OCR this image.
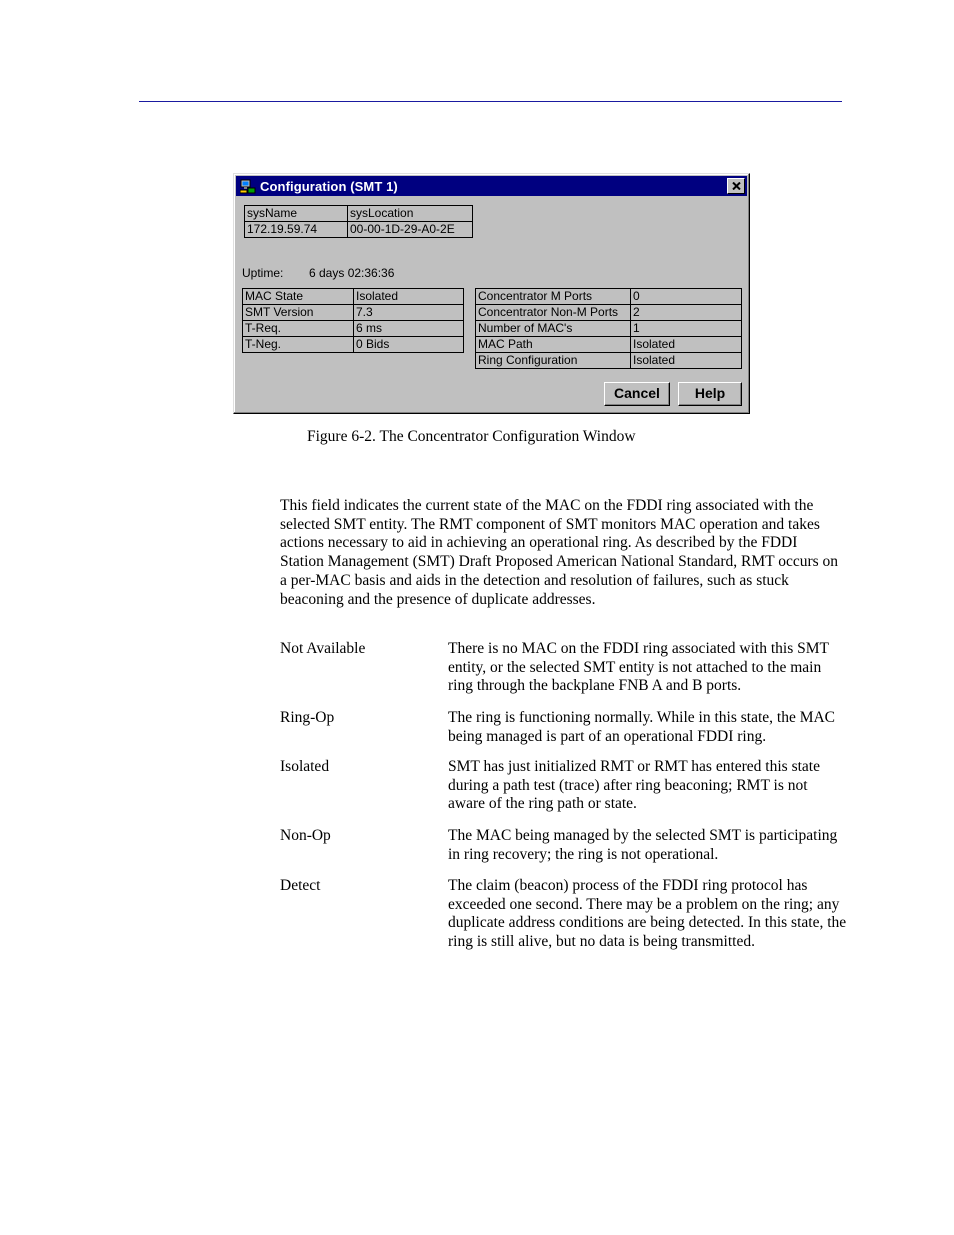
Configuration (SMT 1)
sysName	sysLocation
172.19.59.74	00-00-1D-29-A0-2E
Uptime: 6 days 02:36:36
MAC State	Isolated
SMT Version	7.3
T-Req.	6 ms
T-Neg.	0 Bids
Concentrator M Ports	0
Concentrator Non-M Ports	2
Number of MAC's	1
MAC Path	Isolated
Ring Configuration	Isolated
Cancel	Help
Figure 6-2. The Concentrator Configuration Window
This field indicates the current state of the MAC on the FDDI ring associated with the selected SMT entity. The RMT component of SMT monitors MAC operation and takes actions necessary to aid in achieving an operational ring. As described by the FDDI Station Management (SMT) Draft Proposed American National Standard, RMT occurs on a per-MAC basis and aids in the detection and resolution of failures, such as stuck beaconing and the presence of duplicate addresses.
Not Available	There is no MAC on the FDDI ring associated with this SMT entity, or the selected SMT entity is not attached to the main ring through the backplane FNB A and B ports.
Ring-Op	The ring is functioning normally. While in this state, the MAC being managed is part of an operational FDDI ring.
Isolated	SMT has just initialized RMT or RMT has entered this state during a path test (trace) after ring beaconing; RMT is not aware of the ring path or state.
Non-Op	The MAC being managed by the selected SMT is participating in ring recovery; the ring is not operational.
Detect	The claim (beacon) process of the FDDI ring protocol has exceeded one second. There may be a problem on the ring; any duplicate address conditions are being detected. In this state, the ring is still alive, but no data is being transmitted.
